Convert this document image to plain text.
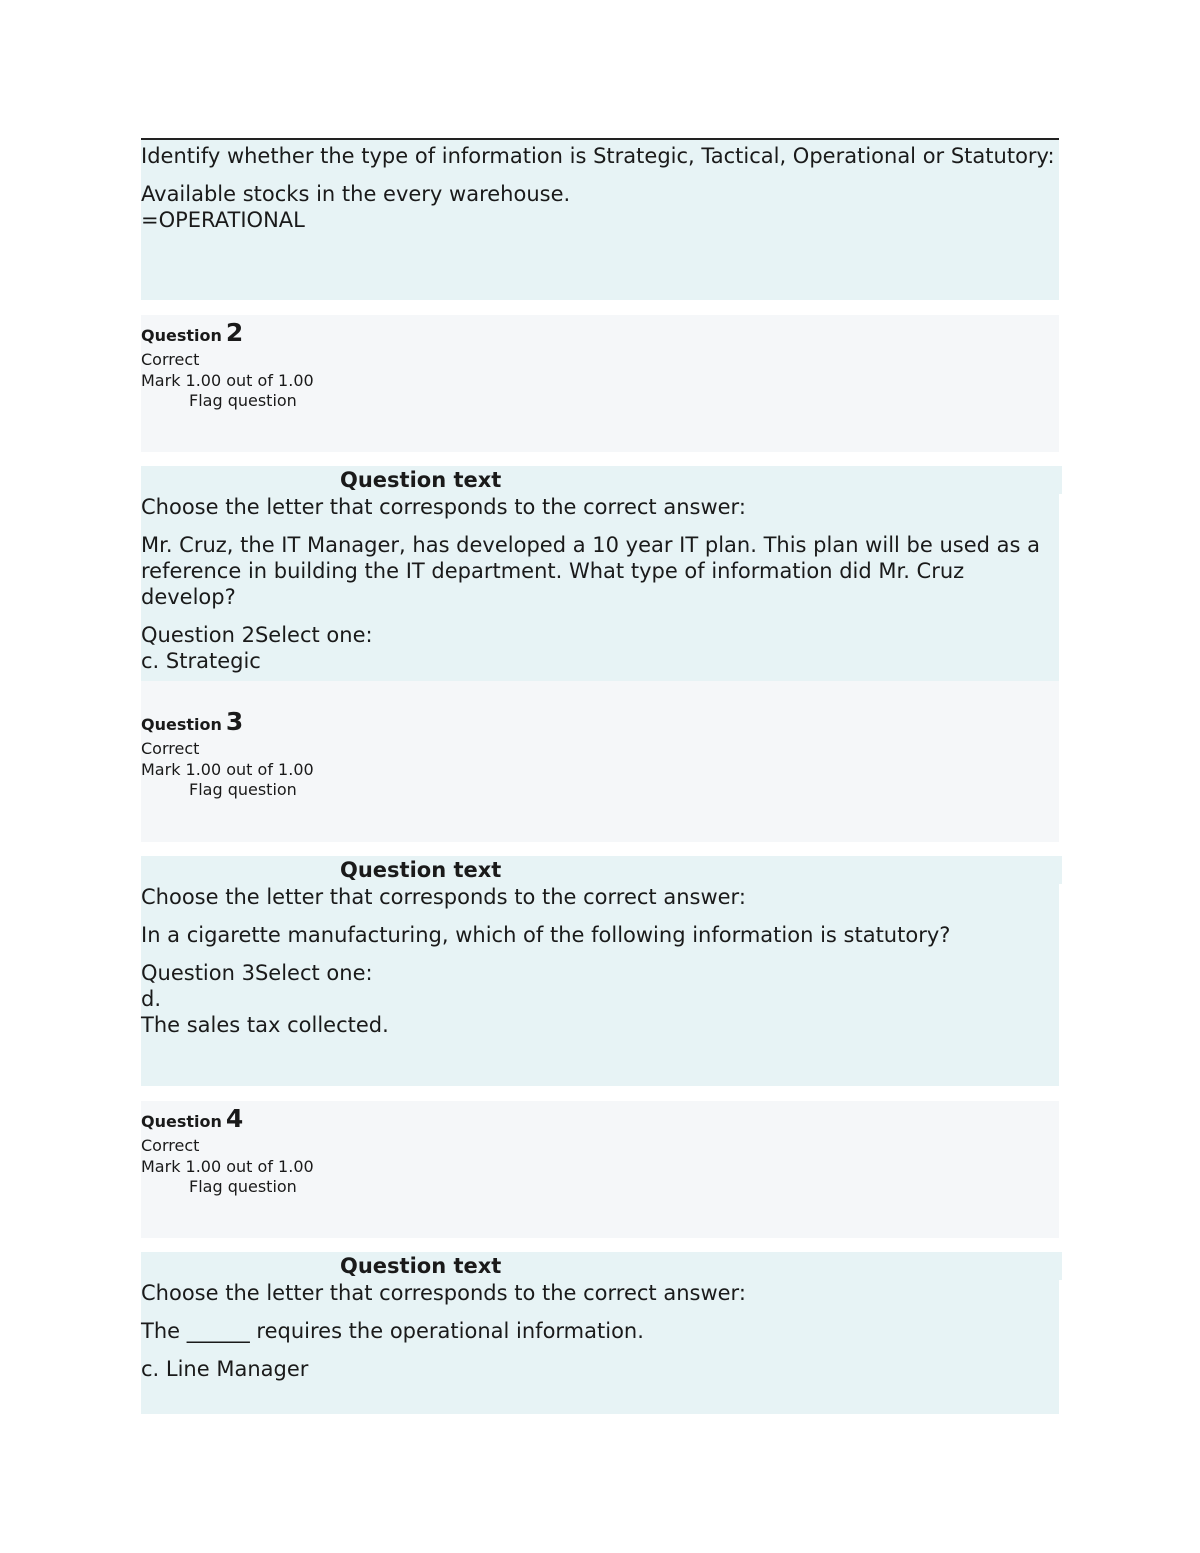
Identify whether the type of information is Strategic, Tactical, Operational or Statutory:

Available stocks in the every warehouse.

=OPERATIONAL

Question 2
Correct
Mark 1.00 out of 1.00
Flag question
Question text

Choose the letter that corresponds to the correct answer:

Mr. Cruz, the IT Manager, has developed a 10 year IT plan. This plan will be used as a reference in building the IT department. What type of information did Mr. Cruz develop?

Question 2Select one:

c. Strategic

Question 3
Correct
Mark 1.00 out of 1.00
Flag question
Question text

Choose the letter that corresponds to the correct answer:

In a cigarette manufacturing, which of the following information is statutory?

Question 3Select one:

d.

The sales tax collected.

Question 4
Correct
Mark 1.00 out of 1.00
Flag question
Question text

Choose the letter that corresponds to the correct answer:

The ______ requires the operational information.

c. Line Manager
